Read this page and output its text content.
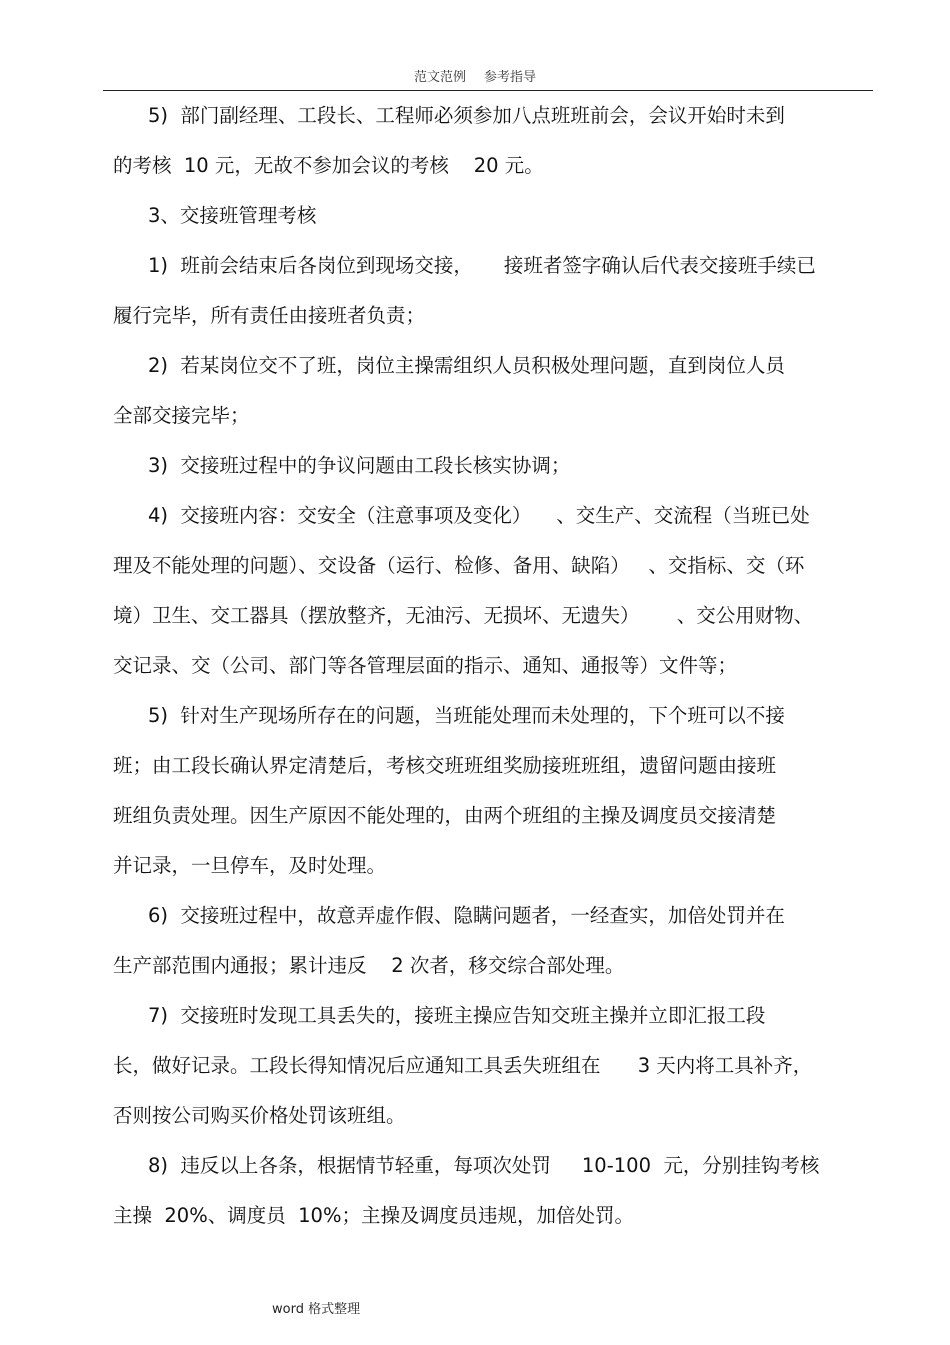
范文范例 参考指导
5)  部门副经理、工段长、工程师必须参加八点班班前会，会议开始时未到
的考核  10 元，无故不参加会议的考核    20 元。
3、交接班管理考核
1)  班前会结束后各岗位到现场交接，     接班者签字确认后代表交接班手续已
履行完毕，所有责任由接班者负责；
2)  若某岗位交不了班，岗位主操需组织人员积极处理问题，直到岗位人员
全部交接完毕；
3)  交接班过程中的争议问题由工段长核实协调；
4)  交接班内容：交安全（注意事项及变化）    、交生产、交流程（当班已处
理及不能处理的问题）、交设备（运行、检修、备用、缺陷）   、交指标、交（环
境）卫生、交工器具（摆放整齐，无油污、无损坏、无遗失）      、交公用财物、
交记录、交（公司、部门等各管理层面的指示、通知、通报等）文件等；
5)  针对生产现场所存在的问题，当班能处理而未处理的，下个班可以不接
班；由工段长确认界定清楚后，考核交班班组奖励接班班组，遗留问题由接班
班组负责处理。因生产原因不能处理的，由两个班组的主操及调度员交接清楚
并记录，一旦停车，及时处理。
6)  交接班过程中，故意弄虚作假、隐瞒问题者，一经查实，加倍处罚并在
生产部范围内通报；累计违反    2 次者，移交综合部处理。
7)  交接班时发现工具丢失的，接班主操应告知交班主操并立即汇报工段
长，做好记录。工段长得知情况后应通知工具丢失班组在      3 天内将工具补齐，
否则按公司购买价格处罚该班组。
8)  违反以上各条，根据情节轻重，每项次处罚     10-100  元，分别挂钩考核
主操  20%、调度员  10%；主操及调度员违规，加倍处罚。
word 格式整理
